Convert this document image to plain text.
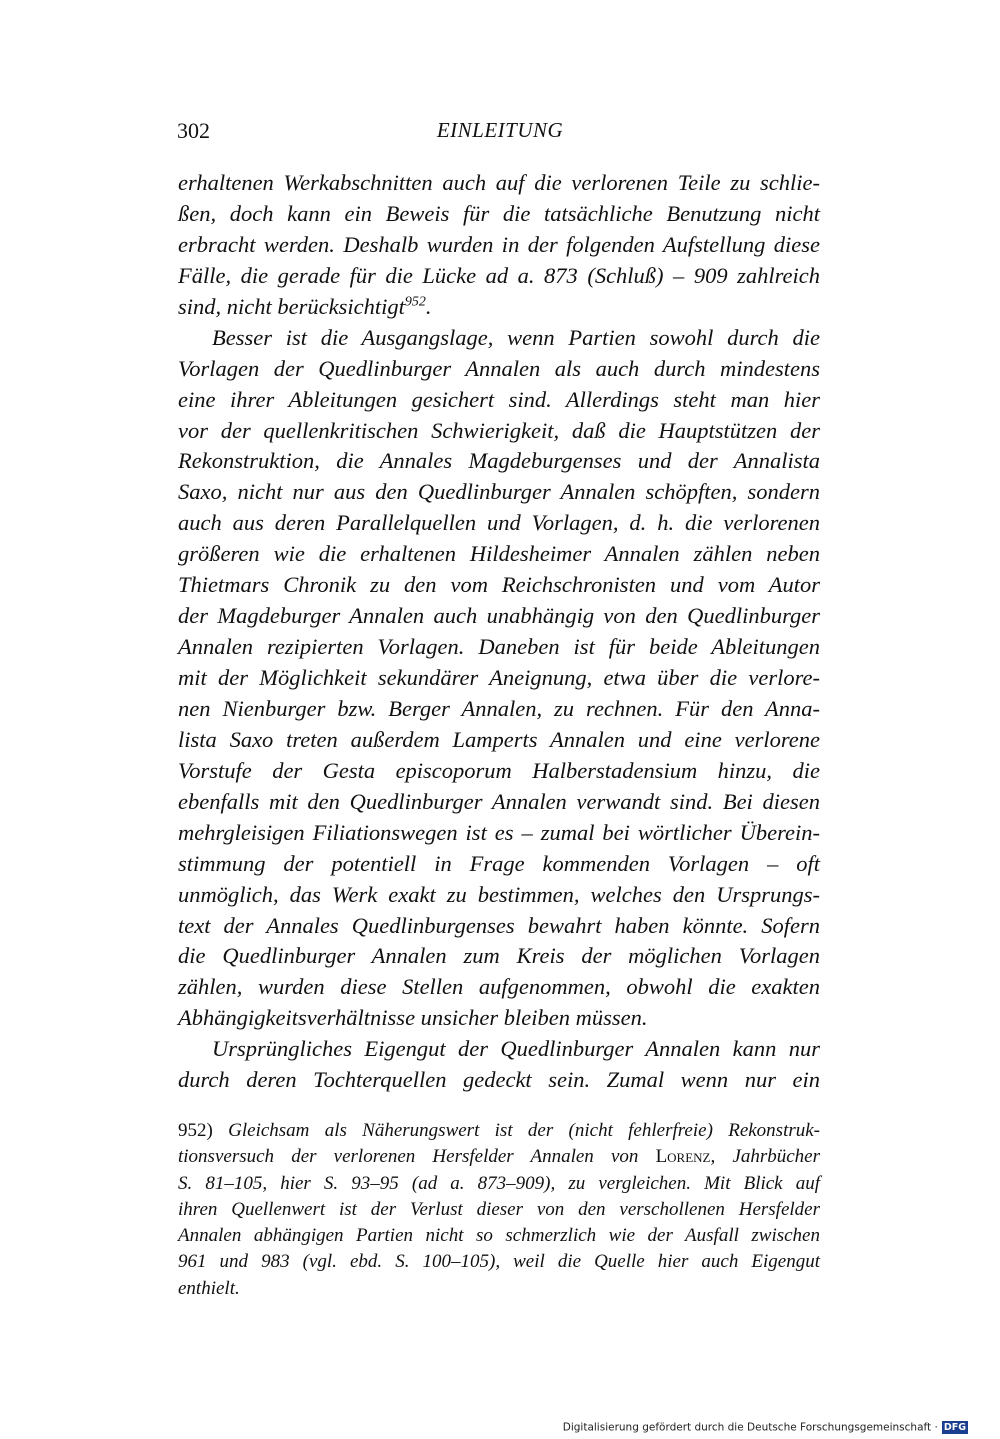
302	EINLEITUNG
erhaltenen Werkabschnitten auch auf die verlorenen Teile zu schlie-
ßen, doch kann ein Beweis für die tatsächliche Benutzung nicht
erbracht werden. Deshalb wurden in der folgenden Aufstellung diese
Fälle, die gerade für die Lücke ad a. 873 (Schluß) – 909 zahlreich
sind, nicht berücksichtigt$^{952}$.
Besser ist die Ausgangslage, wenn Partien sowohl durch die
Vorlagen der Quedlinburger Annalen als auch durch mindestens
eine ihrer Ableitungen gesichert sind. Allerdings steht man hier
vor der quellenkritischen Schwierigkeit, daß die Hauptstützen der
Rekonstruktion, die Annales Magdeburgenses und der Annalista
Saxo, nicht nur aus den Quedlinburger Annalen schöpften, sondern
auch aus deren Parallelquellen und Vorlagen, d. h. die verlorenen
größeren wie die erhaltenen Hildesheimer Annalen zählen neben
Thietmars Chronik zu den vom Reichschronisten und vom Autor
der Magdeburger Annalen auch unabhängig von den Quedlinburger
Annalen rezipierten Vorlagen. Daneben ist für beide Ableitungen
mit der Möglichkeit sekundärer Aneignung, etwa über die verlore-
nen Nienburger bzw. Berger Annalen, zu rechnen. Für den Anna-
lista Saxo treten außerdem Lamperts Annalen und eine verlorene
Vorstufe der Gesta episcoporum Halberstadensium hinzu, die
ebenfalls mit den Quedlinburger Annalen verwandt sind. Bei diesen
mehrgleisigen Filiationswegen ist es – zumal bei wörtlicher Überein-
stimmung der potentiell in Frage kommenden Vorlagen – oft
unmöglich, das Werk exakt zu bestimmen, welches den Ursprungs-
text der Annales Quedlinburgenses bewahrt haben könnte. Sofern
die Quedlinburger Annalen zum Kreis der möglichen Vorlagen
zählen, wurden diese Stellen aufgenommen, obwohl die exakten
Abhängigkeitsverhältnisse unsicher bleiben müssen.
Ursprüngliches Eigengut der Quedlinburger Annalen kann nur
durch deren Tochterquellen gedeckt sein. Zumal wenn nur ein
952) Gleichsam als Näherungswert ist der (nicht fehlerfreie) Rekonstruk-
tionsversuch der verlorenen Hersfelder Annalen von Lorenz, Jahrbücher
S. 81–105, hier S. 93–95 (ad a. 873–909), zu vergleichen. Mit Blick auf
ihren Quellenwert ist der Verlust dieser von den verschollenen Hersfelder
Annalen abhängigen Partien nicht so schmerzlich wie der Ausfall zwischen
961 und 983 (vgl. ebd. S. 100–105), weil die Quelle hier auch Eigengut
enthielt.
Digitalisierung gefördert durch die Deutsche Forschungsgemeinschaft · DFG
